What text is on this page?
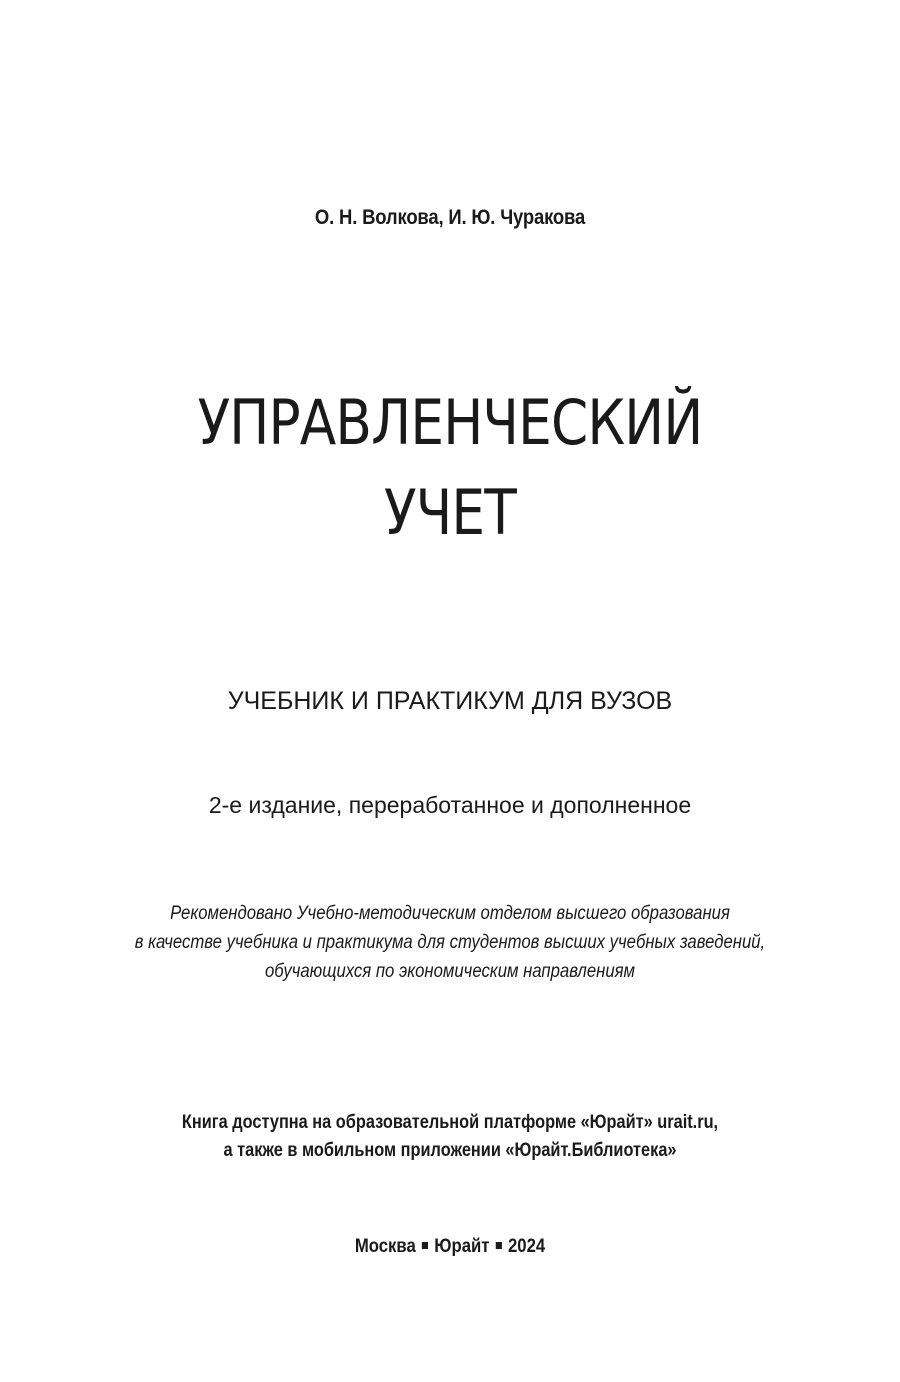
О. Н. Волкова, И. Ю. Чуракова
УПРАВЛЕНЧЕСКИЙ
УЧЕТ
УЧЕБНИК И ПРАКТИКУМ ДЛЯ ВУЗОВ
2-е издание, переработанное и дополненное
Рекомендовано Учебно-методическим отделом высшего образования
в качестве учебника и практикума для студентов высших учебных заведений,
обучающихся по экономическим направлениям
Книга доступна на образовательной платформе «Юрайт» urait.ru,
а также в мобильном приложении «Юрайт.Библиотека»
Москва Юрайт 2024
